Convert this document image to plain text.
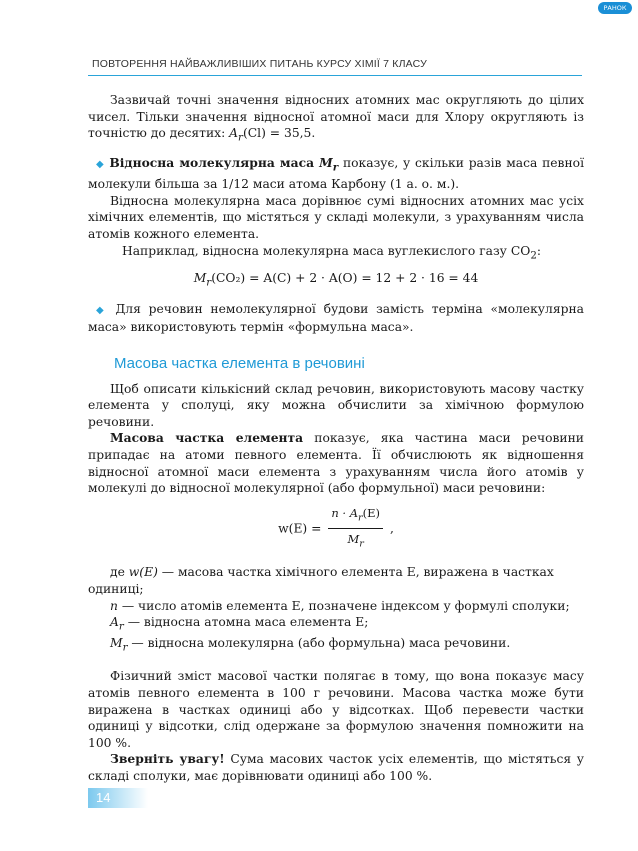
РАНОК
ПОВТОРЕННЯ НАЙВАЖЛИВІШИХ ПИТАНЬ КУРСУ ХІМІЇ 7 КЛАСУ

Зазвичай точні значення відносних атомних мас округляють до цілих чисел. Тільки значення відносної атомної маси для Хлору округляють із точністю до десятих: $A_r(Cl) = 35,5$.

◆ Відносна молекулярна маса $M_r$ показує, у скільки разів маса певної молекули більша за 1/12 маси атома Карбону (1 а. о. м.).

Відносна молекулярна маса дорівнює сумі відносних атомних мас усіх хімічних елементів, що містяться у складі молекули, з урахуванням числа атомів кожного елемента.

Наприклад, відносна молекулярна маса вуглекислого газу $CO_2$:

$M_r(CO_2) = A(C) + 2 \cdot A(O) = 12 + 2 \cdot 16 = 44$

◆ Для речовин немолекулярної будови замість терміна «молекулярна маса» використовують термін «формульна маса».

Масова частка елемента в речовині

Щоб описати кількісний склад речовин, використовують масову частку елемента у сполуці, яку можна обчислити за хімічною формулою речовини.

Масова частка елемента показує, яка частина маси речовини припадає на атоми певного елемента. Її обчислюють як відношення відносної атомної маси елемента з урахуванням числа його атомів у молекулі до відносної молекулярної (або формульної) маси речовини:

$w(E) = \frac{n \cdot A_r(E)}{M_r}$ ,

де w(E) — масова частка хімічного елемента E, виражена в частках одиниці;

n — число атомів елемента E, позначене індексом у формулі сполуки;

$A_r$ — відносна атомна маса елемента E;

$M_r$ — відносна молекулярна (або формульна) маса речовини.

Фізичний зміст масової частки полягає в тому, що вона показує масу атомів певного елемента в 100 г речовини. Масова частка може бути виражена в частках одиниці або у відсотках. Щоб перевести частки одиниці у відсотки, слід одержане за формулою значення помножити на 100 %.

Зверніть увагу! Сума масових часток усіх елементів, що містяться у складі сполуки, має дорівнювати одиниці або 100 %.

14
